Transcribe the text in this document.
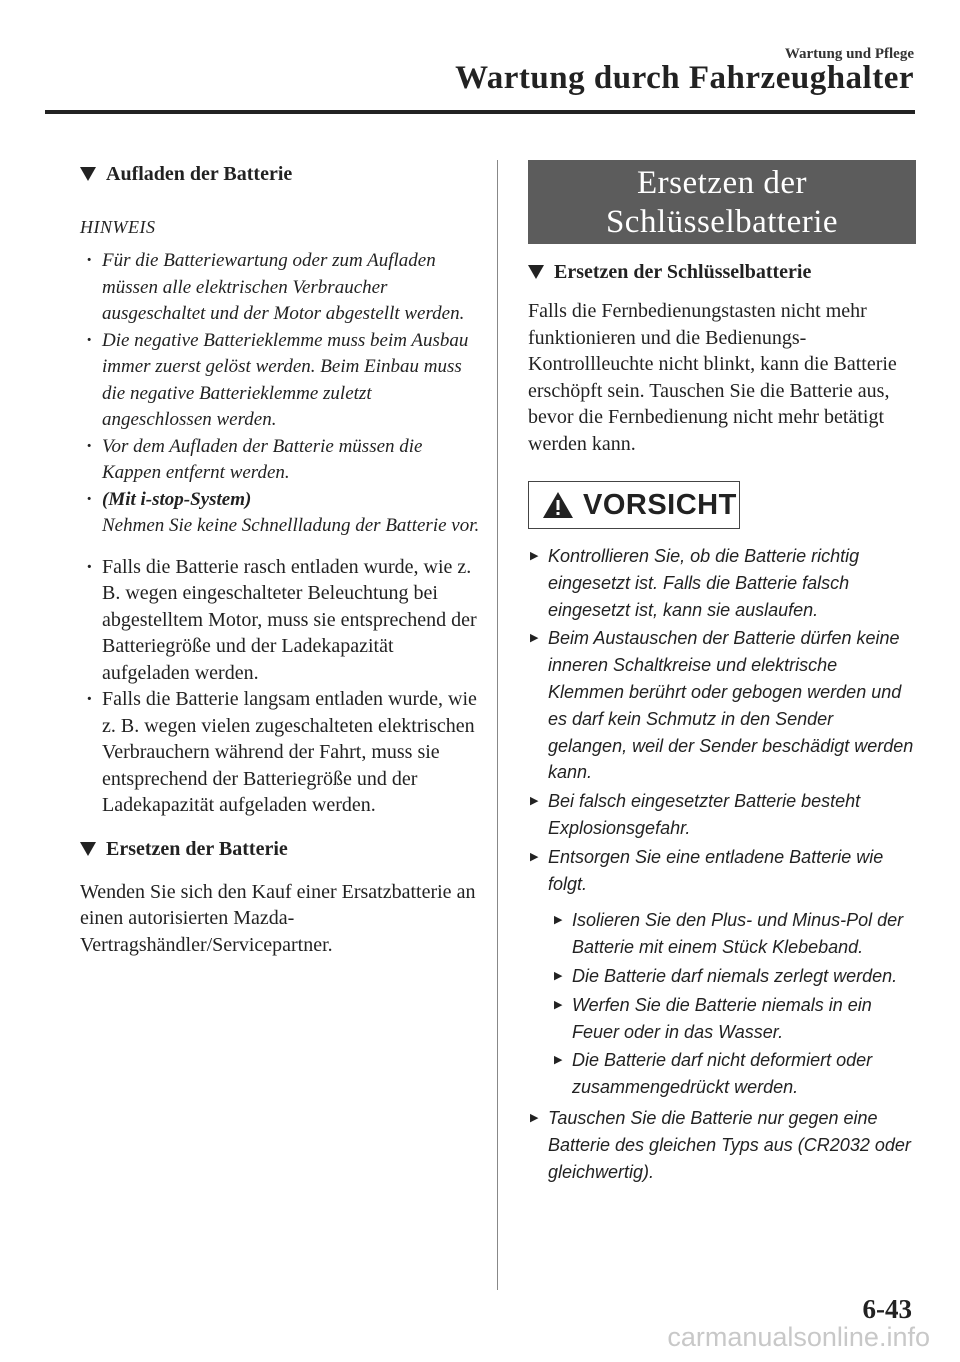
Wartung und Pflege
Wartung durch Fahrzeughalter
Aufladen der Batterie
HINWEIS
· Für die Batteriewartung oder zum Aufladen müssen alle elektrischen Verbraucher ausgeschaltet und der Motor abgestellt werden.
· Die negative Batterieklemme muss beim Ausbau immer zuerst gelöst werden. Beim Einbau muss die negative Batterieklemme zuletzt angeschlossen werden.
· Vor dem Aufladen der Batterie müssen die Kappen entfernt werden.
· (Mit i-stop-System)
Nehmen Sie keine Schnellladung der Batterie vor.
· Falls die Batterie rasch entladen wurde, wie z. B. wegen eingeschalteter Beleuchtung bei abgestelltem Motor, muss sie entsprechend der Batteriegröße und der Ladekapazität aufgeladen werden.
· Falls die Batterie langsam entladen wurde, wie z. B. wegen vielen zugeschalteten elektrischen Verbrauchern während der Fahrt, muss sie entsprechend der Batteriegröße und der Ladekapazität aufgeladen werden.
Ersetzen der Batterie
Wenden Sie sich den Kauf einer Ersatzbatterie an einen autorisierten Mazda-Vertragshändler/Servicepartner.
Ersetzen der
Schlüsselbatterie
Ersetzen der Schlüsselbatterie
Falls die Fernbedienungstasten nicht mehr funktionieren und die Bedienungs-Kontrollleuchte nicht blinkt, kann die Batterie erschöpft sein. Tauschen Sie die Batterie aus, bevor die Fernbedienung nicht mehr betätigt werden kann.
VORSICHT
▶ Kontrollieren Sie, ob die Batterie richtig eingesetzt ist. Falls die Batterie falsch eingesetzt ist, kann sie auslaufen.
▶ Beim Austauschen der Batterie dürfen keine inneren Schaltkreise und elektrische Klemmen berührt oder gebogen werden und es darf kein Schmutz in den Sender gelangen, weil der Sender beschädigt werden kann.
▶ Bei falsch eingesetzter Batterie besteht Explosionsgefahr.
▶ Entsorgen Sie eine entladene Batterie wie folgt.
▶ Isolieren Sie den Plus- und Minus-Pol der Batterie mit einem Stück Klebeband.
▶ Die Batterie darf niemals zerlegt werden.
▶ Werfen Sie die Batterie niemals in ein Feuer oder in das Wasser.
▶ Die Batterie darf nicht deformiert oder zusammengedrückt werden.
▶ Tauschen Sie die Batterie nur gegen eine Batterie des gleichen Typs aus (CR2032 oder gleichwertig).
6-43
carmanualsonline.info
